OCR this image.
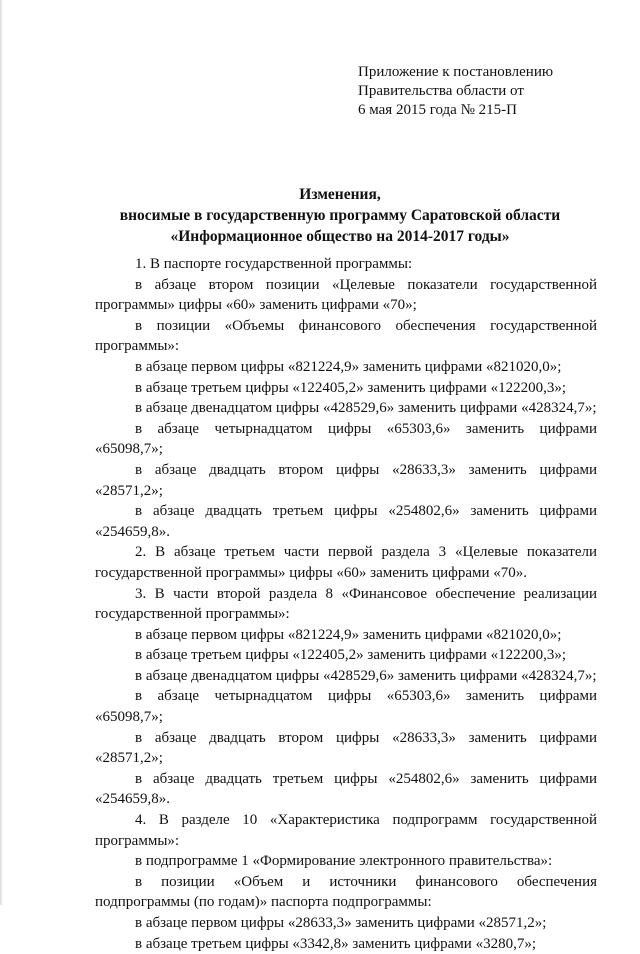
Приложение к постановлению
Правительства области от
6 мая 2015 года № 215-П
Изменения,
вносимые в государственную программу Саратовской области
«Информационное общество на 2014-2017 годы»
1. В паспорте государственной программы:
в абзаце втором позиции «Целевые показатели государственной программы» цифры «60» заменить цифрами «70»;
в позиции «Объемы финансового обеспечения государственной программы»:
в абзаце первом цифры «821224,9» заменить цифрами «821020,0»;
в абзаце третьем цифры «122405,2» заменить цифрами «122200,3»;
в абзаце двенадцатом цифры «428529,6» заменить цифрами «428324,7»;
в абзаце четырнадцатом цифры «65303,6» заменить цифрами «65098,7»;
в абзаце двадцать втором цифры «28633,3» заменить цифрами «28571,2»;
в абзаце двадцать третьем цифры «254802,6» заменить цифрами «254659,8».
2. В абзаце третьем части первой раздела 3 «Целевые показатели государственной программы» цифры «60» заменить цифрами «70».
3. В части второй раздела 8 «Финансовое обеспечение реализации государственной программы»:
в абзаце первом цифры «821224,9» заменить цифрами «821020,0»;
в абзаце третьем цифры «122405,2» заменить цифрами «122200,3»;
в абзаце двенадцатом цифры «428529,6» заменить цифрами «428324,7»;
в абзаце четырнадцатом цифры «65303,6» заменить цифрами «65098,7»;
в абзаце двадцать втором цифры «28633,3» заменить цифрами «28571,2»;
в абзаце двадцать третьем цифры «254802,6» заменить цифрами «254659,8».
4. В разделе 10 «Характеристика подпрограмм государственной программы»:
в подпрограмме 1 «Формирование электронного правительства»:
в позиции «Объем и источники финансового обеспечения подпрограммы (по годам)» паспорта подпрограммы:
в абзаце первом цифры «28633,3» заменить цифрами «28571,2»;
в абзаце третьем цифры «3342,8» заменить цифрами «3280,7»;
